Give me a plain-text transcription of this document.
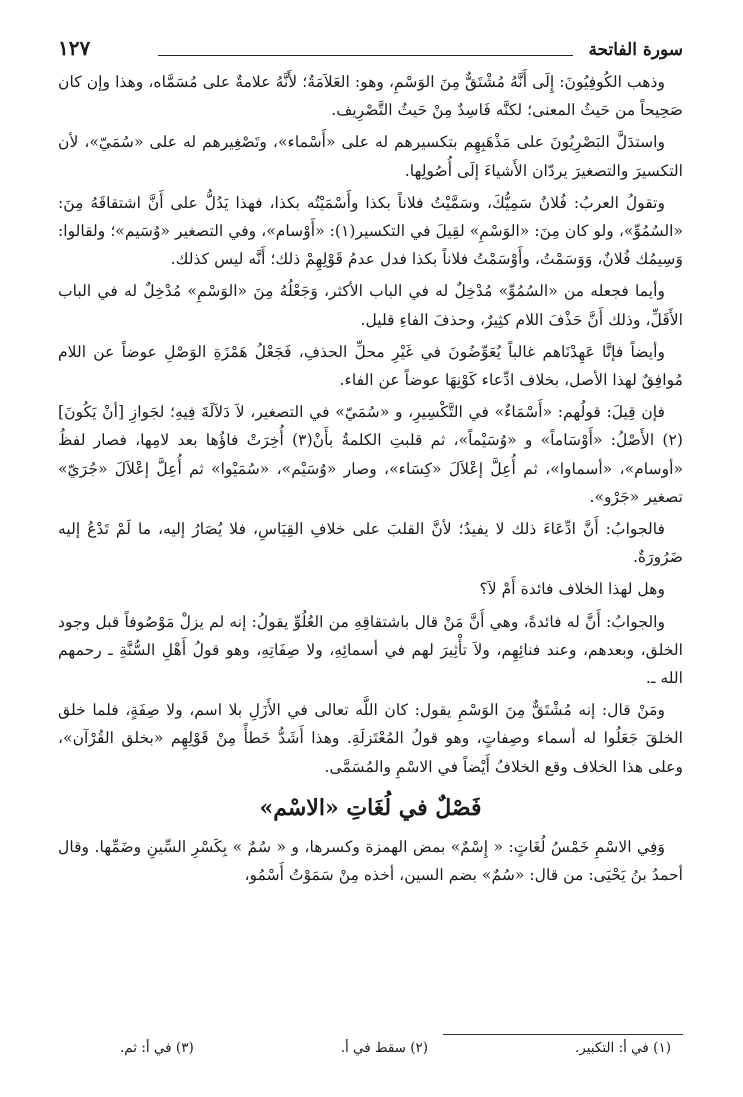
سورة الفاتحة
١٢٧

وذهب الكُوفِيُونَ: إِلَى أَنَّهُ مُشْتَقٌّ مِنَ الوَسْمِ، وهو: العَلاَمَةُ؛ لأَنَّهُ علامةٌ على مُسَمَّاه، وهذا وإن كان صَحِيحاً من حَيثُ المعنى؛ لكنَّه فَاسِدٌ مِنْ حَيثُ التَّصْرِيف.

واستدَلَّ البَصْرِيُونَ على مَذْهَبِهِم بتكسيرهم له على «أَسْماء»، وتَصْغِيرهم له على «سُمَيّ»، لأن التكسيرَ والتصغيرَ يردّان الأَشياءَ إلَى أُصُولِها.

وتقولُ العربُ: فُلانٌ سَمِيُّكَ، وسَمَّيْتُ فلاناً بكذا وأَسْمَيْتُه بكذا، فهذا يَدُلُّ على أَنَّ اشتقاقَهُ مِنَ: «السُمُوِّ»، ولو كان مِنَ: «الوَسْمِ» لقِيلَ في التكسير(١): «أَوْسام»، وفي التصغير «وُسَيم»؛ ولقالوا: وَسِيمُك فُلانٌ، وَوَسَمْتُ، وأَوْسَمْتُ فلاناً بكذا فدل عدمُ قَوْلِهِمْ ذلك؛ أَنَّه ليس كذلك.

وأيما فجعله من «السُمُوِّ» مُدْخِلٌ له في الباب الأكثر، وَجَعْلُهُ مِنَ «الوَسْمِ» مُدْخِلٌ له في الباب الأَقَلِّ، وذلك أَنَّ حَذْفَ اللام كثِيرٌ، وحذفَ الفاءِ قليل.

وأيضاً فإنَّا عَهِدْنَاهم غالباً يُعَوِّضُونَ في غَيْرِ محلِّ الحذفِ، فَجَعْلُ هَمْزَةِ الوَصْلِ عوضاً عن اللام مُوافِقٌ لهذا الأصل، بخلاف ادِّعاء كَوْنِهَا عوضاً عن الفاء.

فإن قِيلَ: قولُهم: «أَسْمَاءٌ» في التَّكْسِيرِ، و «سُمَيّ» في التصغير، لاَ دَلاَلَةَ فِيهِ؛ لجَوازِ [أنْ يَكُونَ](٢) الأَصْلُ: «أَوْسَاماً» و «وُسَيْماً»، ثم قلبتِ الكلمةُ بأَنْ(٣) أُخِرَتْ فاؤُها بعد لامِها، فصار لفظُ «أوسام»، «أسماوا»، ثم أُعِلَّ إعْلاَلَ «كِسَاء»، وصار «وُسَيْم»، «سُمَيْوا» ثم أُعِلَّ إعْلاَلَ «جُرَيّ» تصغير «جَرْو».

فالجوابُ: أَنَّ ادِّعَاءَ ذلك لا يفيدُ؛ لأنَّ القلبَ على خلافِ القِيَاسِ، فلا يُصَارُ إليه، ما لَمْ تَدْعُ إليه ضَرُورَةٌ.

وهل لهذا الخلاف فائدة أَمْ لاَ؟

والجوابُ: أَنَّ له فائدةً، وهي أَنَّ مَنْ قال باشتقاقِهِ من العُلُوِّ يقولُ: إنه لم يزلْ مَوْصُوفاً قبل وجود الخلق، وبعدهم، وعند فنائِهِم، ولاَ تأْثِيرَ لهم في أسمائِهِ، ولا صِفَاتِهِ، وهو قولُ أَهْلِ السُّنَّةِ ـ رحمهم الله ـ.

ومَنْ قال: إنه مُشْتَقٌّ مِنَ الوَسْمِ يقول: كان اللَّه تعالى في الأَزَلِ بلا اسم، ولا صِفَةٍ، فلما خلق الخلقَ جَعَلُوا له أسماء وصِفاتٍ، وهو قولُ المُعْتَزلَةِ. وهذا أَشَدُّ خَطأً مِنْ قَوْلِهِم «بخلق القُرْآن»، وعلى هذا الخلاف وقع الخلافُ أَيْضاً في الاسْمِ والمُسَمَّى.

فَصْلٌ في لُغَاتِ «الاسْم»

وَفِي الاسْمِ خَمْسُ لُغَاتٍ: « إِسْمٌ» بمض الهمزة وكسرها، و « سُمٌ » بِكَسْرِ السِّينِ وضَمِّها. وقال أحمدُ بنُ يَحْيَى: من قال: «سُمٌ» بضم السين، أخذه مِنْ سَمَوْتُ أَسْمُو،

(١) في أ: التكبير.
(٢) سقط في أ.
(٣) في أ: ثم.
